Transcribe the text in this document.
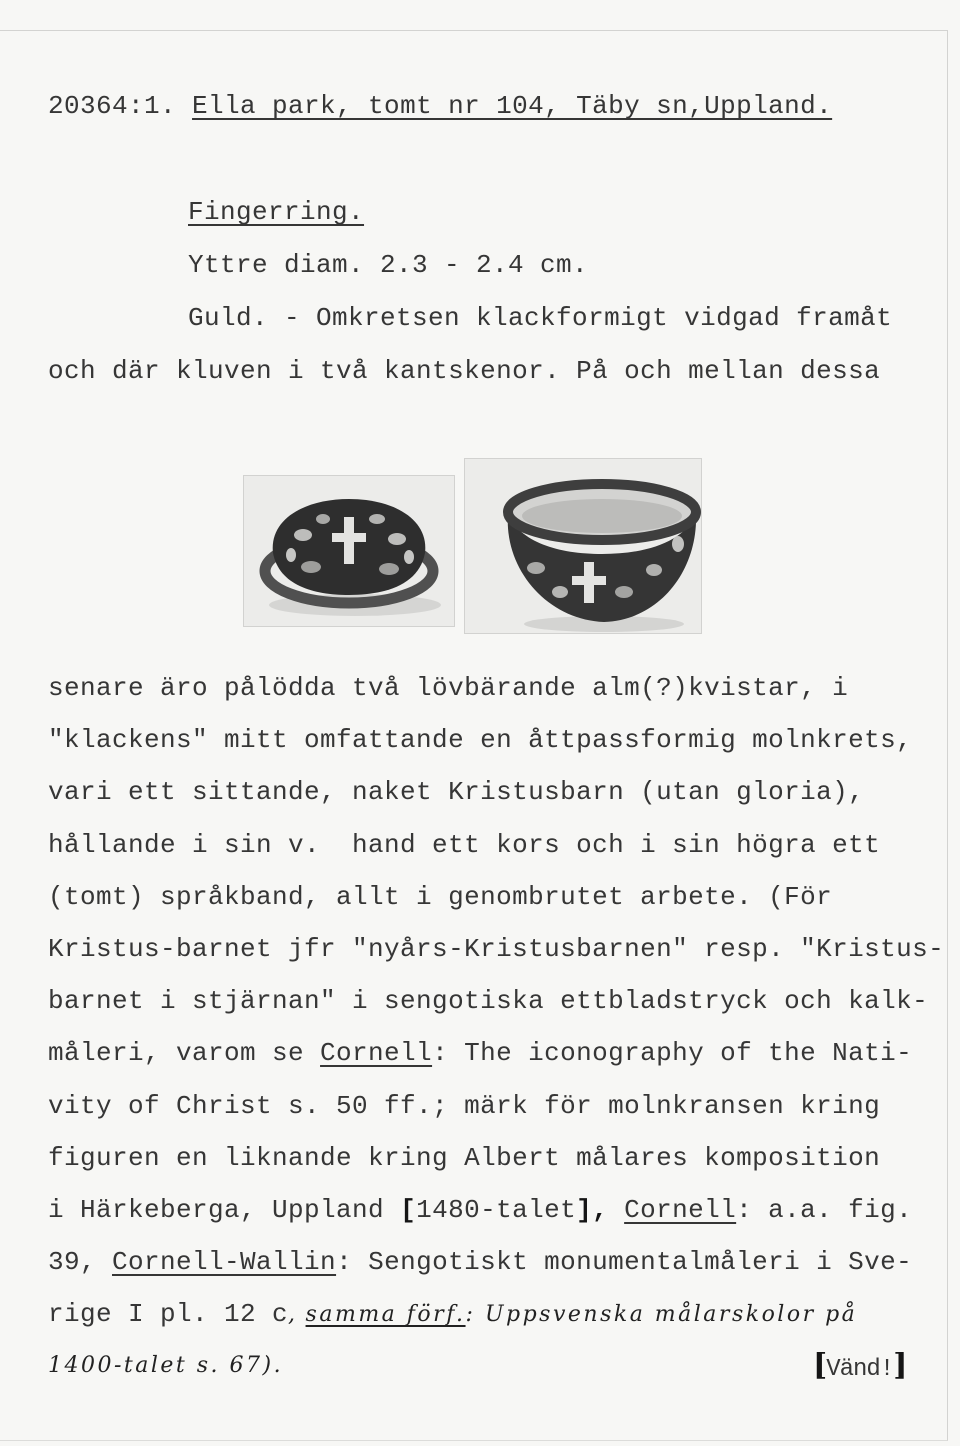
20364:1. Ella park, tomt nr 104, Täby sn,Uppland.
Fingerring.
Yttre diam. 2.3 - 2.4 cm.
Guld. - Omkretsen klackformigt vidgad framåt
och där kluven i två kantskenor. På och mellan dessa
senare äro pålödda två lövbärande alm(?)kvistar, i
"klackens" mitt omfattande en åttpassformig molnkrets,
vari ett sittande, naket Kristusbarn (utan gloria),
hållande i sin v.  hand ett kors och i sin högra ett
(tomt) språkband, allt i genombrutet arbete. (För
Kristus-barnet jfr "nyårs-Kristusbarnen" resp. "Kristus-
barnet i stjärnan" i sengotiska ettbladstryck och kalk-
måleri, varom se Cornell : The iconography of the Nati-
vity of Christ s. 50 ff.; märk för molnkransen kring
figuren en liknande kring Albert målares komposition
i Härkeberga, Uppland [ 1480-talet ], Cornell : a.a. fig.
39, Cornell-Wallin : Sengotiskt monumentalmåleri i Sve-
rige I pl. 12 c , samma förf. : Uppsvenska målarskolor på
1400-talet s. 67).	[ Vänd! ]
